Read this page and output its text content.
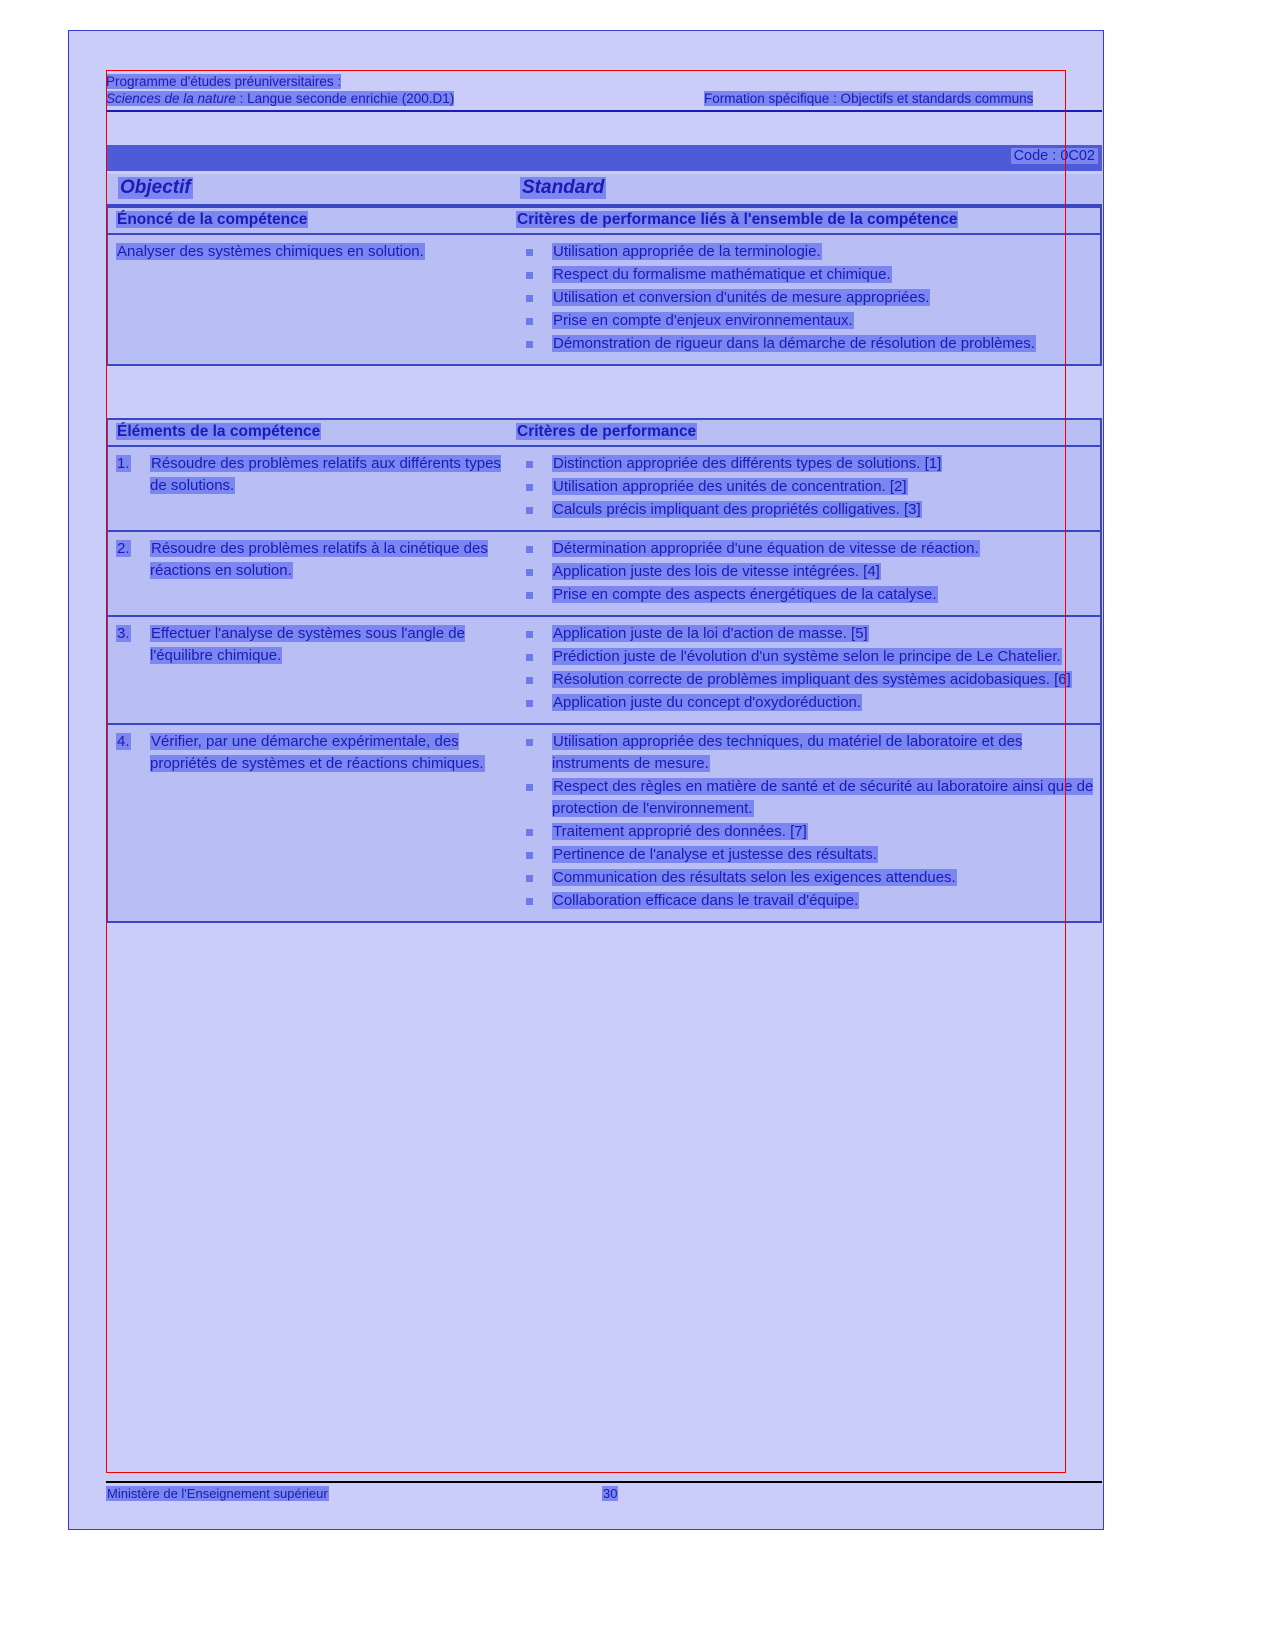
Programme d'études préuniversitaires :
Sciences de la nature : Langue seconde enrichie (200.D1)	Formation spécifique : Objectifs et standards communs
Code : 0C02
Objectif	Standard
Énoncé de la compétence	Critères de performance liés à l'ensemble de la compétence
Analyser des systèmes chimiques en solution.	Utilisation appropriée de la terminologie.
Respect du formalisme mathématique et chimique.
Utilisation et conversion d'unités de mesure appropriées.
Prise en compte d'enjeux environnementaux.
Démonstration de rigueur dans la démarche de résolution de problèmes.
Éléments de la compétence	Critères de performance
1.	Résoudre des problèmes relatifs aux différents types de solutions.
Distinction appropriée des différents types de solutions. [1]
Utilisation appropriée des unités de concentration. [2]
Calculs précis impliquant des propriétés colligatives. [3]
2.	Résoudre des problèmes relatifs à la cinétique des réactions en solution.
Détermination appropriée d'une équation de vitesse de réaction.
Application juste des lois de vitesse intégrées. [4]
Prise en compte des aspects énergétiques de la catalyse.
3.	Effectuer l'analyse de systèmes sous l'angle de l'équilibre chimique.
Application juste de la loi d'action de masse. [5]
Prédiction juste de l'évolution d'un système selon le principe de Le Chatelier.
Résolution correcte de problèmes impliquant des systèmes acidobasiques. [6]
Application juste du concept d'oxydoréduction.
4.	Vérifier, par une démarche expérimentale, des propriétés de systèmes et de réactions chimiques.
Utilisation appropriée des techniques, du matériel de laboratoire et des instruments de mesure.
Respect des règles en matière de santé et de sécurité au laboratoire ainsi que de protection de l'environnement.
Traitement approprié des données. [7]
Pertinence de l'analyse et justesse des résultats.
Communication des résultats selon les exigences attendues.
Collaboration efficace dans le travail d'équipe.
Ministère de l'Enseignement supérieur	30
